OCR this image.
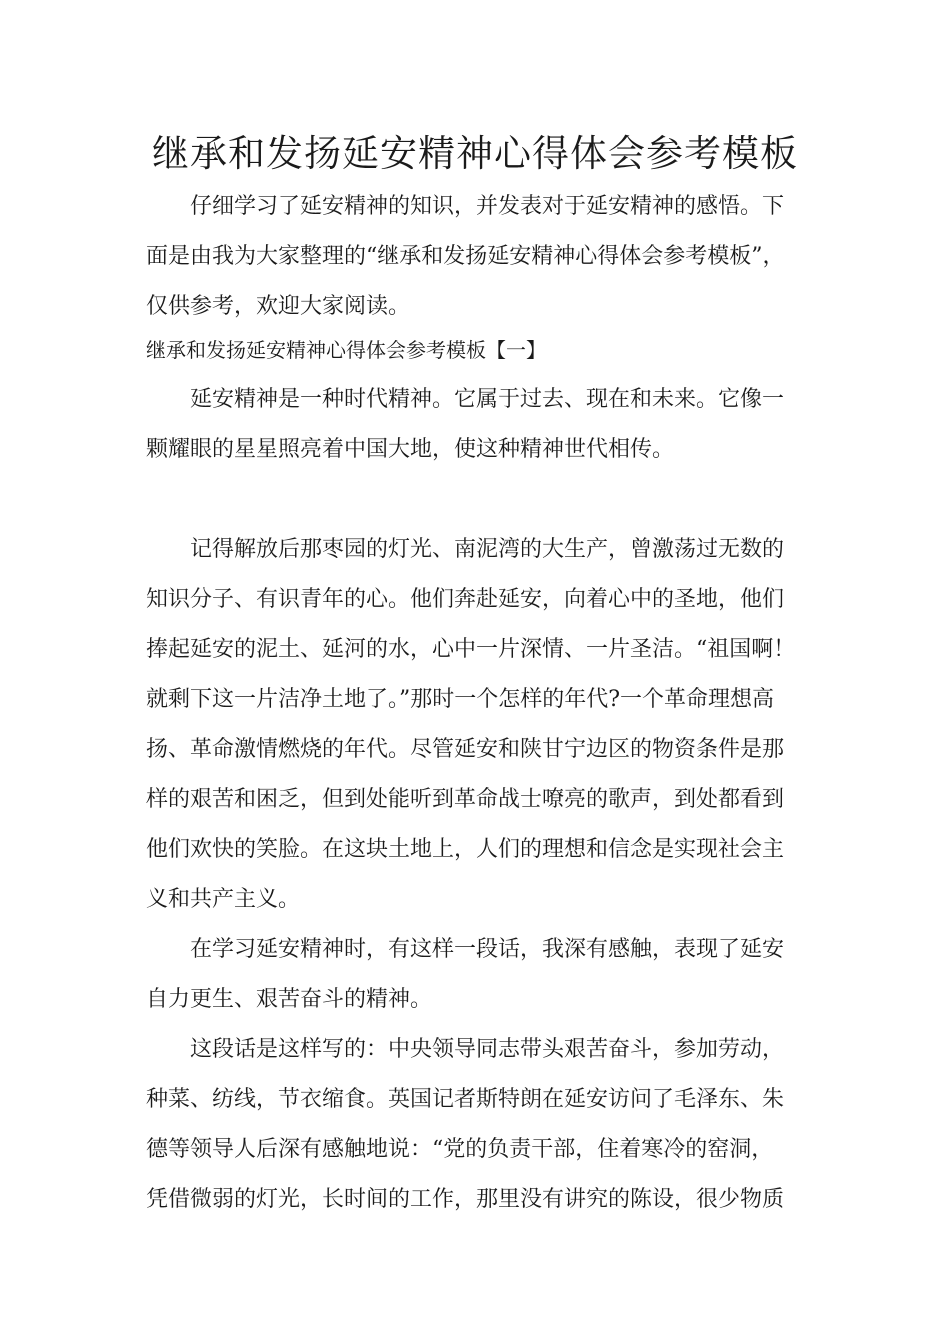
继承和发扬延安精神心得体会参考模板

　　仔细学习了延安精神的知识，并发表对于延安精神的感悟。下
面是由我为大家整理的“继承和发扬延安精神心得体会参考模板”，
仅供参考，欢迎大家阅读。

继承和发扬延安精神心得体会参考模板【一】

　　延安精神是一种时代精神。它属于过去、现在和未来。它像一
颗耀眼的星星照亮着中国大地，使这种精神世代相传。

　　记得解放后那枣园的灯光、南泥湾的大生产，曾激荡过无数的
知识分子、有识青年的心。他们奔赴延安，向着心中的圣地，他们
捧起延安的泥土、延河的水，心中一片深情、一片圣洁。“祖国啊！
就剩下这一片洁净土地了。”那时一个怎样的年代?一个革命理想高
扬、革命激情燃烧的年代。尽管延安和陕甘宁边区的物资条件是那
样的艰苦和困乏，但到处能听到革命战士嘹亮的歌声，到处都看到
他们欢快的笑脸。在这块土地上，人们的理想和信念是实现社会主
义和共产主义。

　　在学习延安精神时，有这样一段话，我深有感触，表现了延安
自力更生、艰苦奋斗的精神。

　　这段话是这样写的：中央领导同志带头艰苦奋斗，参加劳动，
种菜、纺线，节衣缩食。英国记者斯特朗在延安访问了毛泽东、朱
德等领导人后深有感触地说：“党的负责干部，住着寒冷的窑洞，
凭借微弱的灯光，长时间的工作，那里没有讲究的陈设，很少物质
